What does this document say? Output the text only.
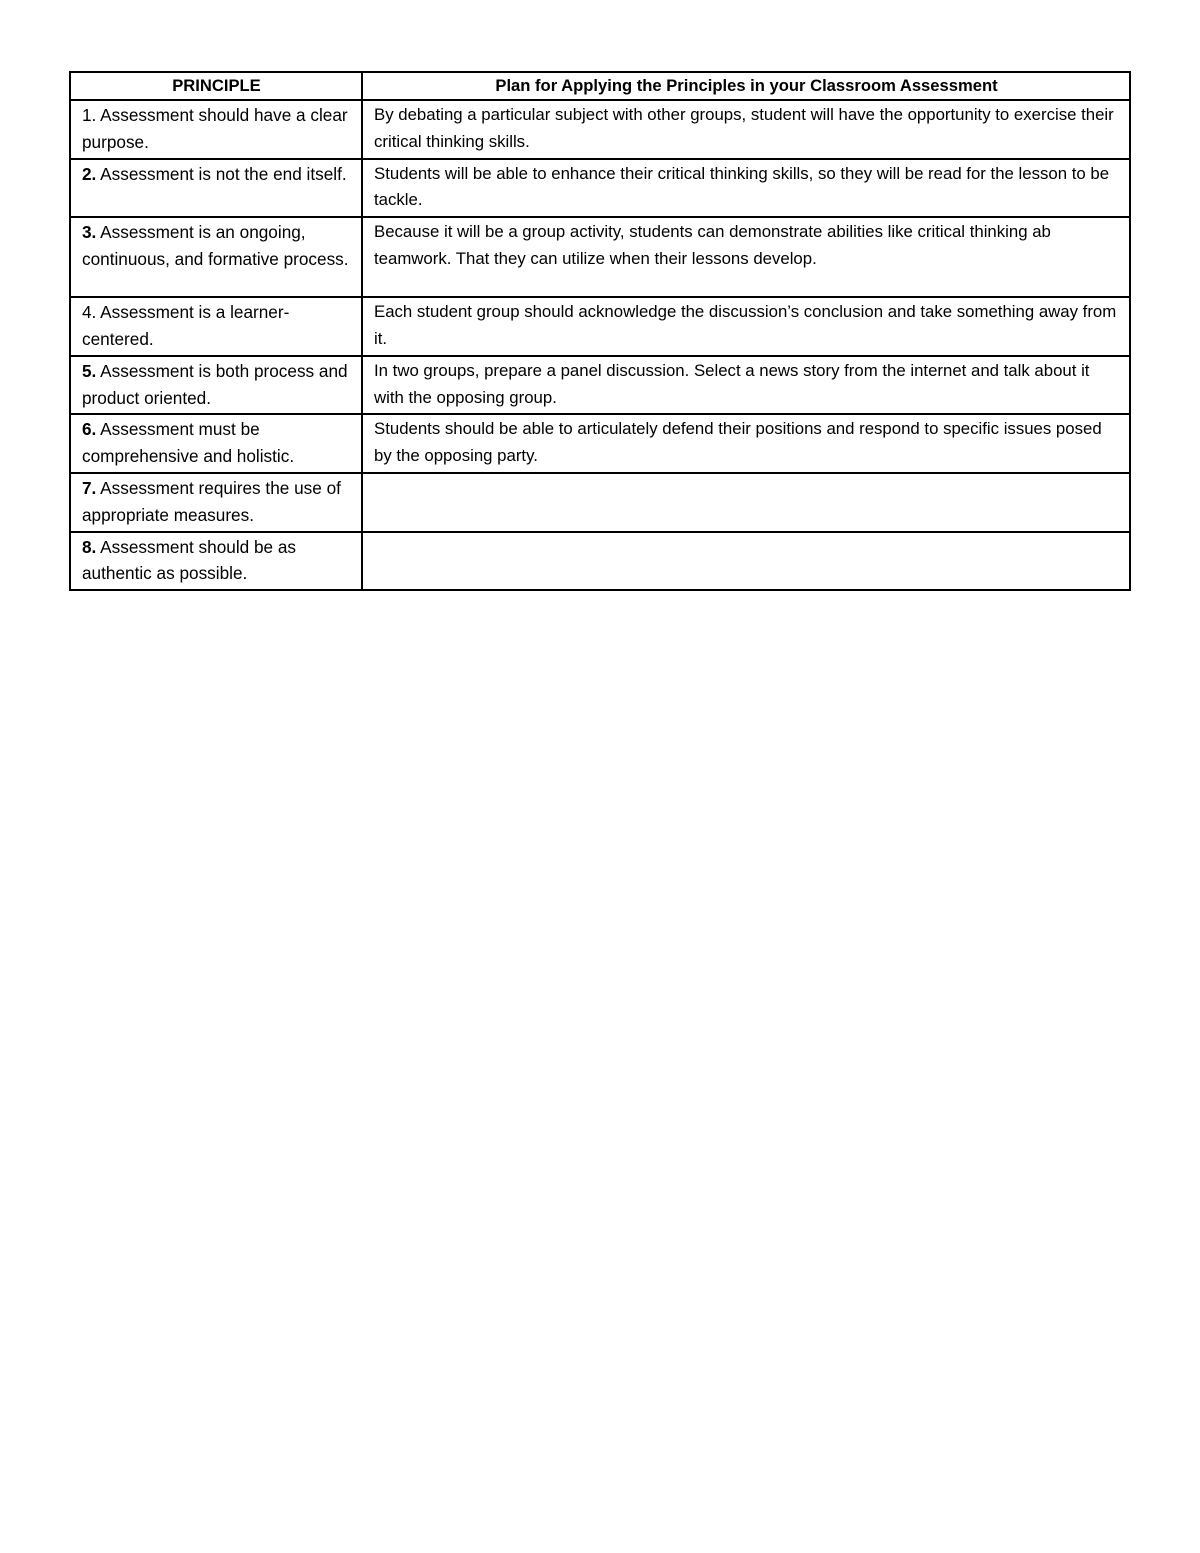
PRINCIPLE	Plan for Applying the Principles in your Classroom Assessment
1. Assessment should have a clear purpose.	By debating a particular subject with other groups, student will have the opportunity to exercise their critical thinking skills.
2. Assessment is not the end itself.	Students will be able to enhance their critical thinking skills, so they will be read for the lesson to be tackle.
3. Assessment is an ongoing, continuous, and formative process.	Because it will be a group activity, students can demonstrate abilities like critical thinking ab teamwork. That they can utilize when their lessons develop.
4. Assessment is a learner-centered.	Each student group should acknowledge the discussion’s conclusion and take something away from it.
5. Assessment is both process and product oriented.	In two groups, prepare a panel discussion. Select a news story from the internet and talk about it with the opposing group.
6. Assessment must be comprehensive and holistic.	Students should be able to articulately defend their positions and respond to specific issues posed by the opposing party.
7. Assessment requires the use of appropriate measures.	
8. Assessment should be as authentic as possible.	
